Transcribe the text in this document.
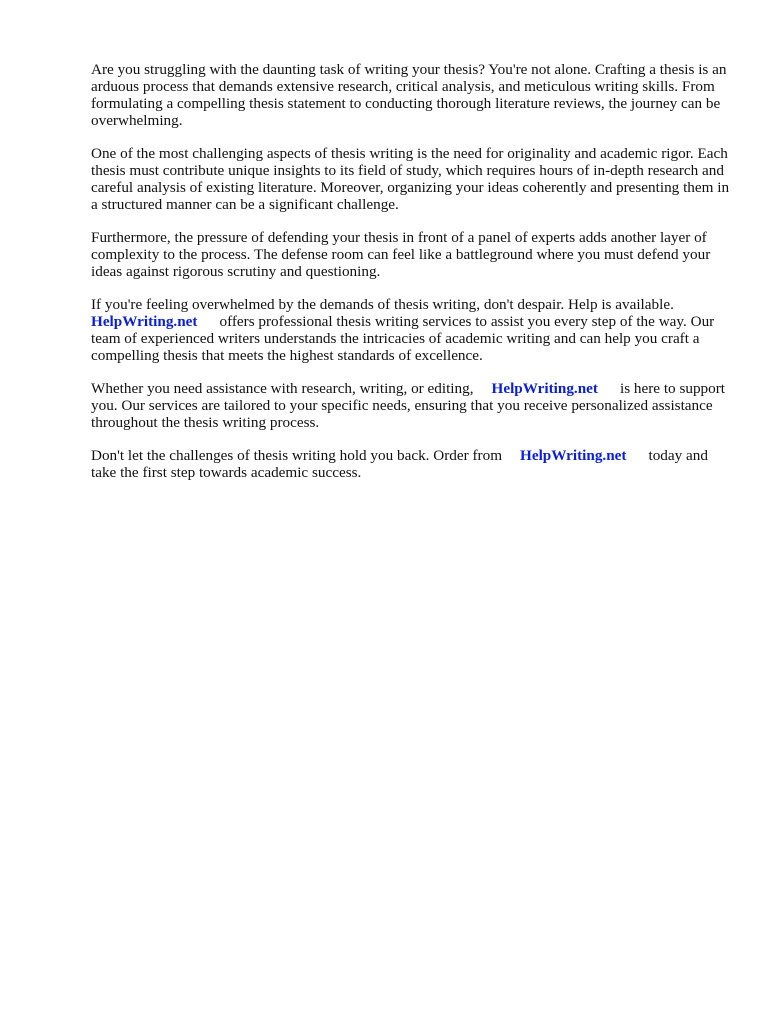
Are you struggling with the daunting task of writing your thesis? You're not alone. Crafting a thesis is an arduous process that demands extensive research, critical analysis, and meticulous writing skills. From formulating a compelling thesis statement to conducting thorough literature reviews, the journey can be overwhelming.

One of the most challenging aspects of thesis writing is the need for originality and academic rigor. Each thesis must contribute unique insights to its field of study, which requires hours of in-depth research and careful analysis of existing literature. Moreover, organizing your ideas coherently and presenting them in a structured manner can be a significant challenge.

Furthermore, the pressure of defending your thesis in front of a panel of experts adds another layer of complexity to the process. The defense room can feel like a battleground where you must defend your ideas against rigorous scrutiny and questioning.

If you're feeling overwhelmed by the demands of thesis writing, don't despair. Help is available.
HelpWriting.net offers professional thesis writing services to assist you every step of the way. Our team of experienced writers understands the intricacies of academic writing and can help you craft a compelling thesis that meets the highest standards of excellence.

Whether you need assistance with research, writing, or editing, HelpWriting.net is here to support you. Our services are tailored to your specific needs, ensuring that you receive personalized assistance throughout the thesis writing process.

Don't let the challenges of thesis writing hold you back. Order from HelpWriting.net today and take the first step towards academic success.
